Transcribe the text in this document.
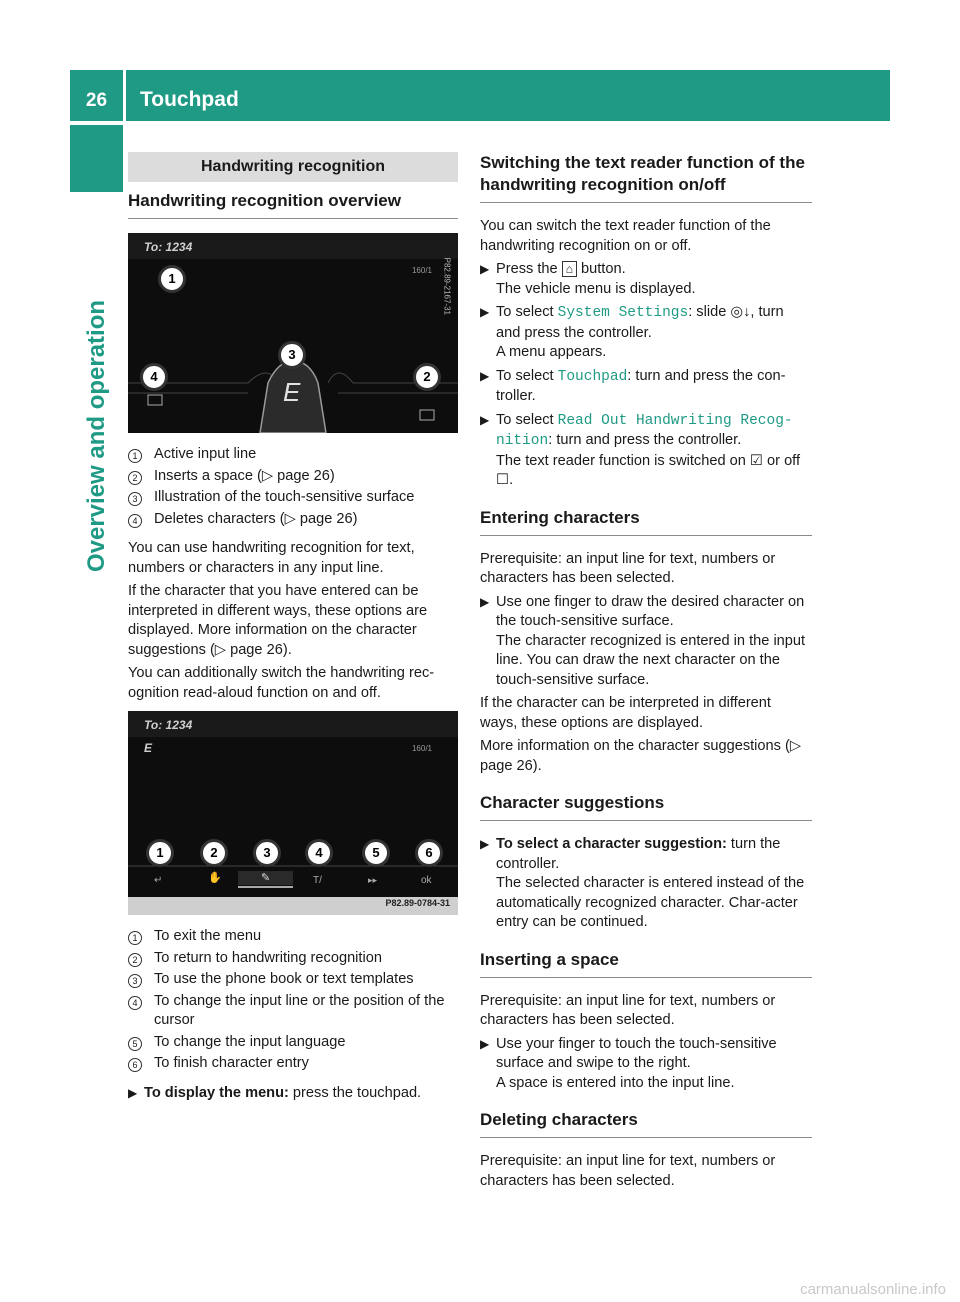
26	Touchpad
Overview and operation
Handwriting recognition
Handwriting recognition overview
To: 1234
160/1
E
1
2
3
4
P82.89-2167-31
1	Active input line
2	Inserts a space (▷ page 26)
3	Illustration of the touch-sensitive surface
4	Deletes characters (▷ page 26)

You can use handwriting recognition for text, numbers or characters in any input line.

If the character that you have entered can be interpreted in different ways, these options are displayed. More information on the character suggestions (▷ page 26).

You can additionally switch the handwriting rec-ognition read-aloud function on and off.

To: 1234
E	160/1
1	2	3	4	5	6
↵	✋	✎	T/	▸▸	ok
P82.89-0784-31
1	To exit the menu
2	To return to handwriting recognition
3	To use the phone book or text templates
4	To change the input line or the position of the cursor
5	To change the input language
6	To finish character entry
▶ To display the menu: press the touchpad.
Switching the text reader function of the handwriting recognition on/off

You can switch the text reader function of the handwriting recognition on or off.

▶ Press the ⌂ button.
The vehicle menu is displayed.
▶ To select System Settings: slide ◎↓, turn and press the controller.
A menu appears.
▶ To select Touchpad: turn and press the con-troller.
▶ To select Read Out Handwriting Recog‐nition: turn and press the controller.
The text reader function is switched on ☑ or off ☐.
Entering characters

Prerequisite: an input line for text, numbers or characters has been selected.

▶ Use one finger to draw the desired character on the touch-sensitive surface.
The character recognized is entered in the input line. You can draw the next character on the touch-sensitive surface.

If the character can be interpreted in different ways, these options are displayed.

More information on the character suggestions (▷ page 26).

Character suggestions
▶ To select a character suggestion: turn the controller.
The selected character is entered instead of the automatically recognized character. Char-acter entry can be continued.
Inserting a space

Prerequisite: an input line for text, numbers or characters has been selected.

▶ Use your finger to touch the touch-sensitive surface and swipe to the right.
A space is entered into the input line.
Deleting characters

Prerequisite: an input line for text, numbers or characters has been selected.

carmanualsonline.info
